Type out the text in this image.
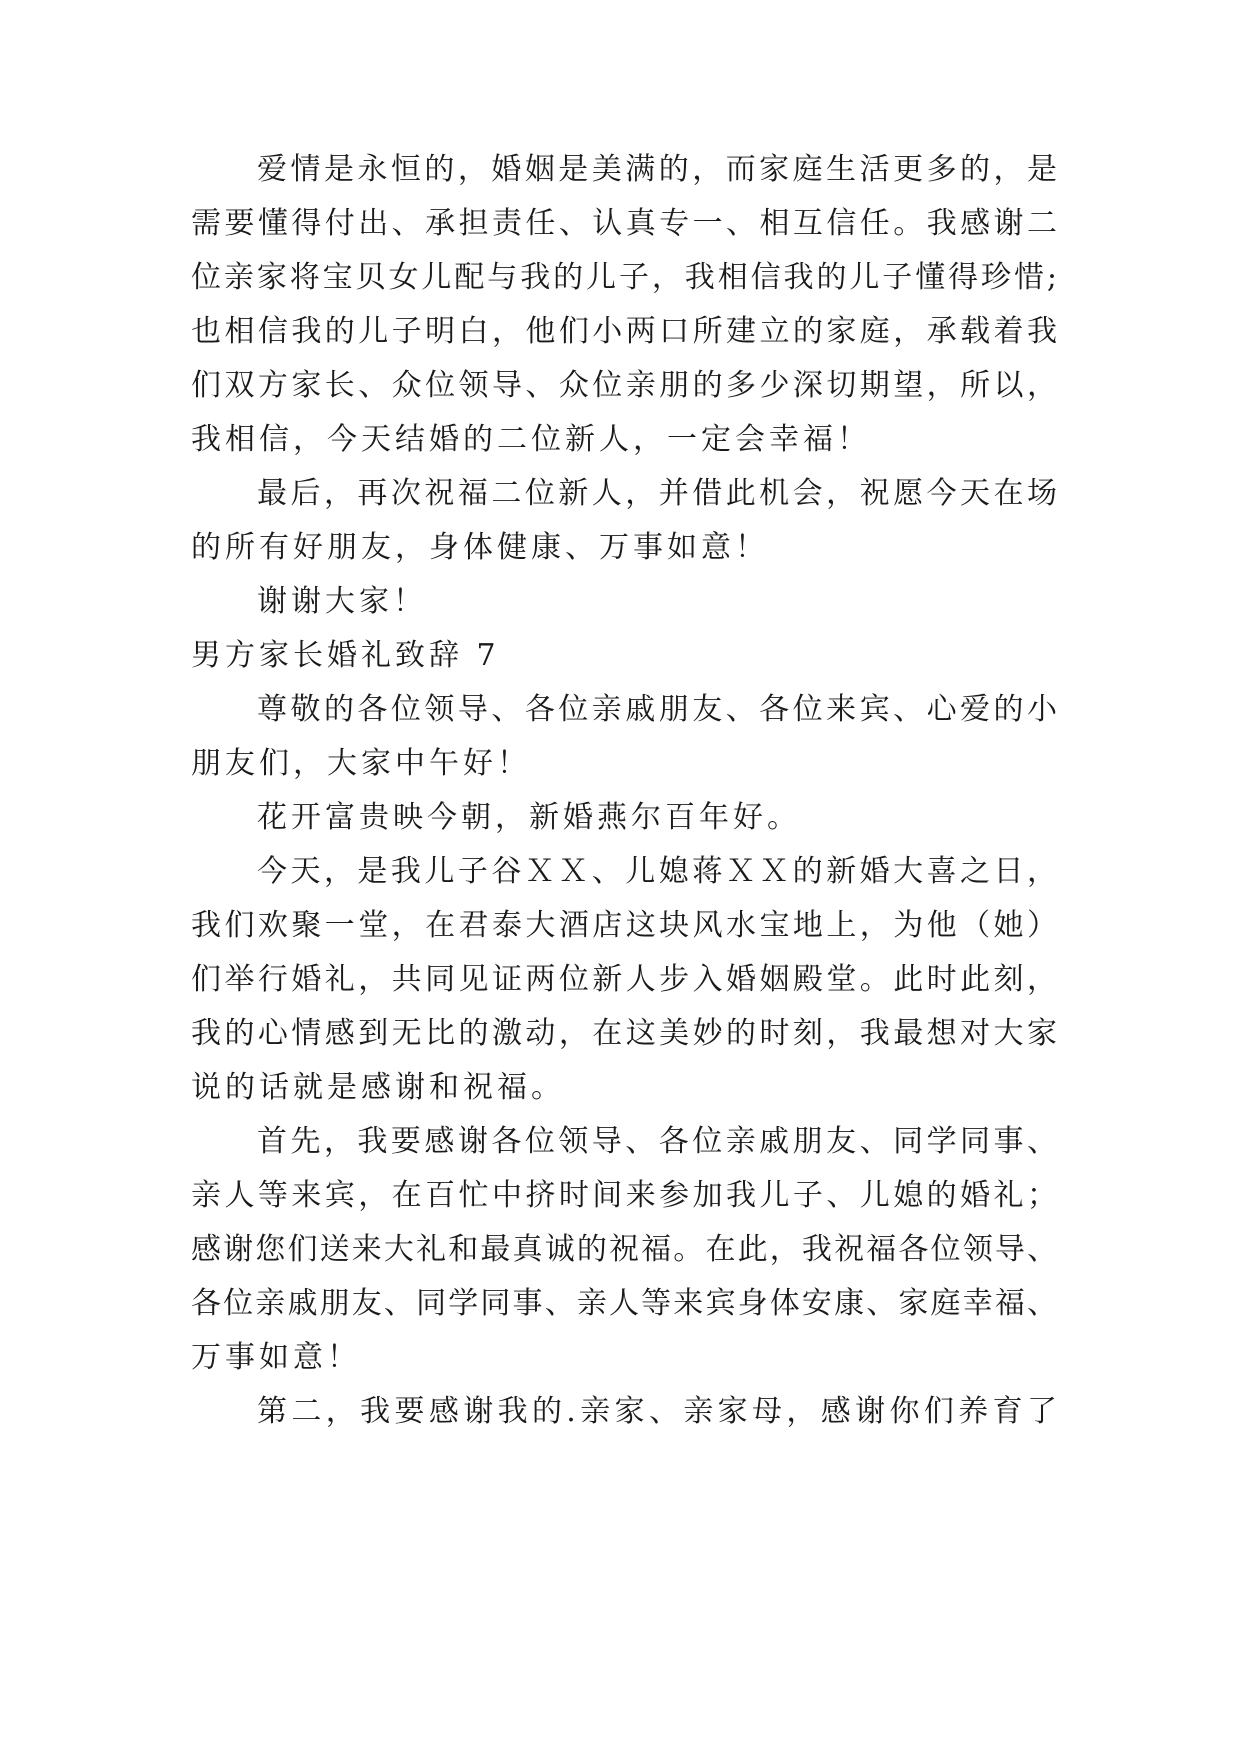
爱情是永恒的，婚姻是美满的，而家庭生活更多的，是
需要懂得付出、承担责任、认真专一、相互信任。我感谢二
位亲家将宝贝女儿配与我的儿子，我相信我的儿子懂得珍惜;
也相信我的儿子明白，他们小两口所建立的家庭，承载着我
们双方家长、众位领导、众位亲朋的多少深切期望，所以，
我相信，今天结婚的二位新人，一定会幸福！
最后，再次祝福二位新人，并借此机会，祝愿今天在场
的所有好朋友，身体健康、万事如意！
谢谢大家！
男方家长婚礼致辞 7
尊敬的各位领导、各位亲戚朋友、各位来宾、心爱的小
朋友们，大家中午好！
花开富贵映今朝，新婚燕尔百年好。
今天，是我儿子谷ＸＸ、儿媳蒋ＸＸ的新婚大喜之日，
我们欢聚一堂，在君泰大酒店这块风水宝地上，为他（她）
们举行婚礼，共同见证两位新人步入婚姻殿堂。此时此刻，
我的心情感到无比的激动，在这美妙的时刻，我最想对大家
说的话就是感谢和祝福。
首先，我要感谢各位领导、各位亲戚朋友、同学同事、
亲人等来宾，在百忙中挤时间来参加我儿子、儿媳的婚礼；
感谢您们送来大礼和最真诚的祝福。在此，我祝福各位领导、
各位亲戚朋友、同学同事、亲人等来宾身体安康、家庭幸福、
万事如意！
第二，我要感谢我的.亲家、亲家母，感谢你们养育了
